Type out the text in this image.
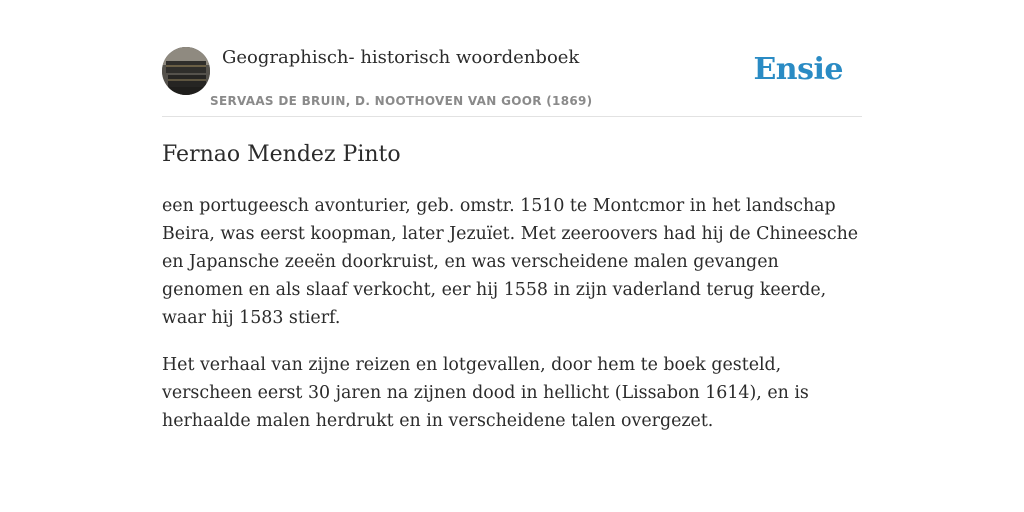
Geographisch- historisch woordenboek
SERVAAS DE BRUIN, D. NOOTHOVEN VAN GOOR (1869)
Ensie
Fernao Mendez Pinto

een portugeesch avonturier, geb. omstr. 1510 te Montcmor in het landschap Beira, was eerst koopman, later Jezuïet. Met zeeroovers had hij de Chineesche en Japansche zeeën doorkruist, en was verscheidene malen gevangen genomen en als slaaf verkocht, eer hij 1558 in zijn vaderland terug keerde, waar hij 1583 stierf.

Het verhaal van zijne reizen en lotgevallen, door hem te boek gesteld, verscheen eerst 30 jaren na zijnen dood in hellicht (Lissabon 1614), en is herhaalde malen herdrukt en in verscheidene talen overgezet.
